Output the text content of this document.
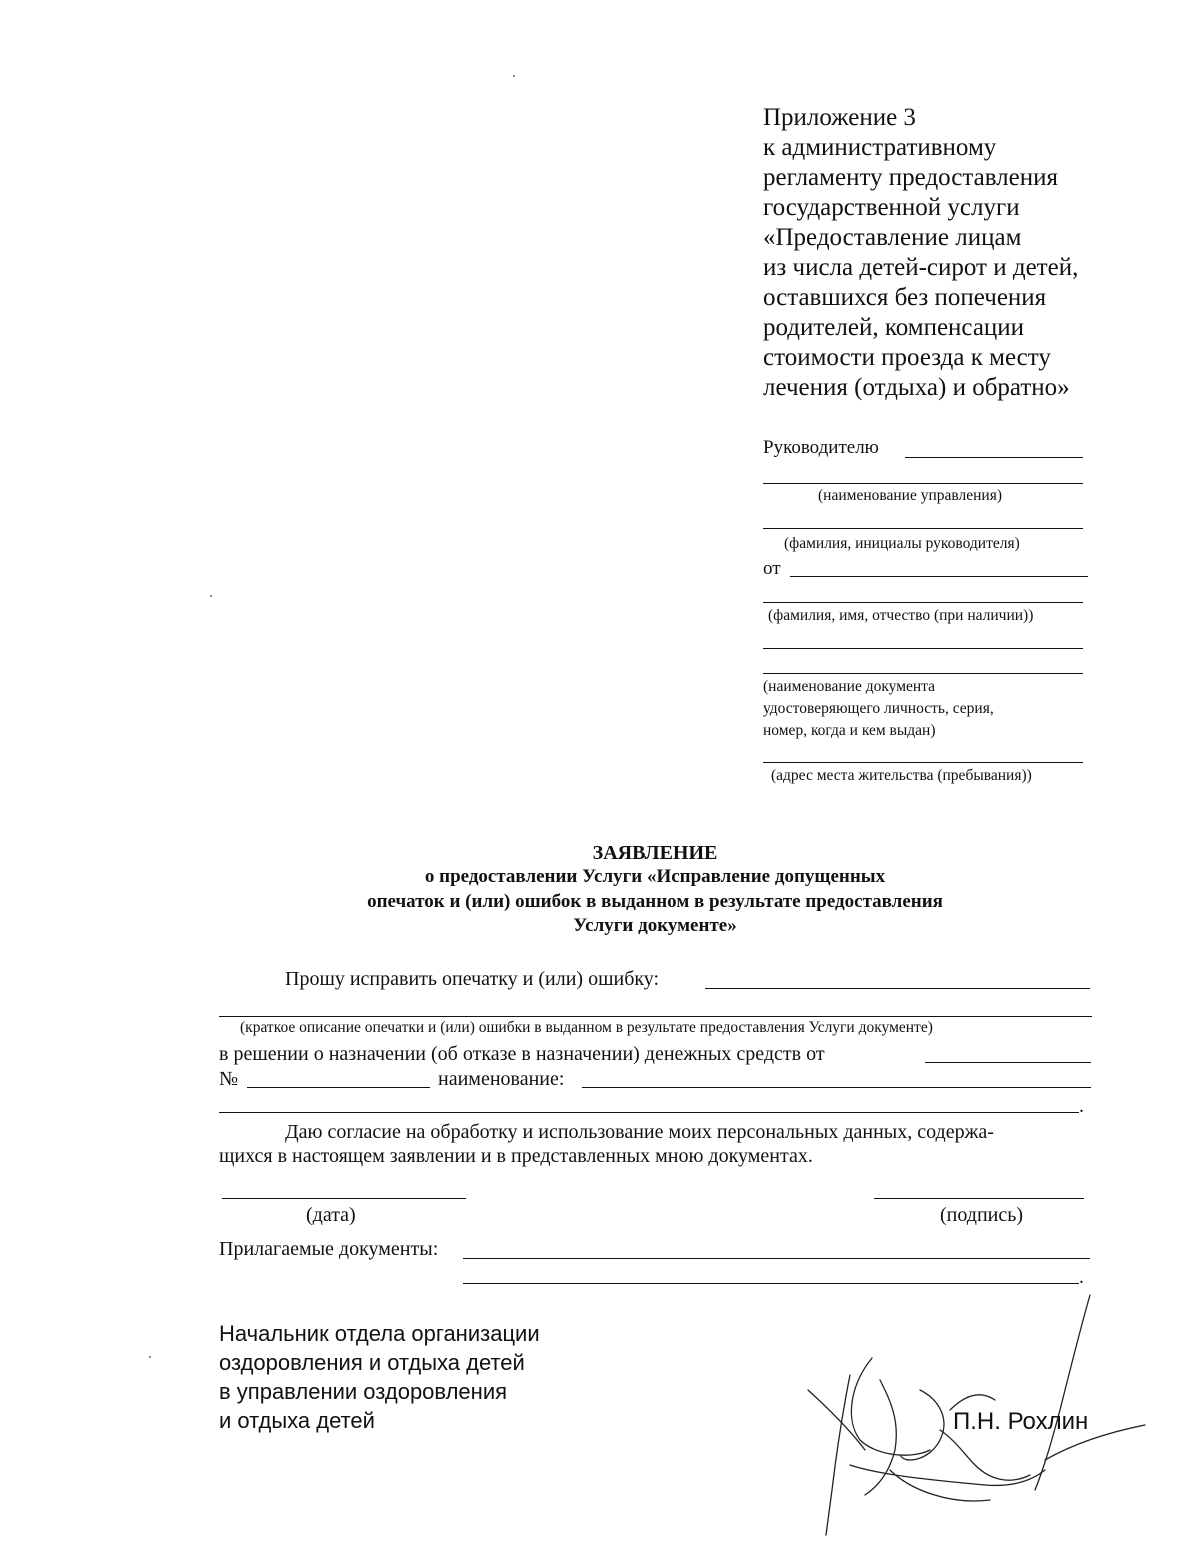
Приложение 3
к административному
регламенту предоставления
государственной услуги
«Предоставление лицам
из числа детей-сирот и детей,
оставшихся без попечения
родителей, компенсации
стоимости проезда к месту
лечения (отдыха) и обратно»
Руководителю
(наименование управления)
(фамилия, инициалы руководителя)
от
(фамилия, имя, отчество (при наличии))
(наименование документа
удостоверяющего личность, серия,
номер, когда и кем выдан)
(адрес места жительства (пребывания))
ЗАЯВЛЕНИЕ
о предоставлении Услуги «Исправление допущенных
опечаток и (или) ошибок в выданном в результате предоставления
Услуги документе»
Прошу исправить опечатку и (или) ошибку:
(краткое описание опечатки и (или) ошибки в выданном в результате предоставления Услуги документе)
в решении о назначении (об отказе в назначении) денежных средств от
№	наименование:
.
Даю согласие на обработку и использование моих персональных данных, содержа-
щихся в настоящем заявлении и в представленных мною документах.
(дата)	(подпись)
Прилагаемые документы:
.
Начальник отдела организации
оздоровления и отдыха детей
в управлении оздоровления
и отдыха детей	П.Н. Рохлин
